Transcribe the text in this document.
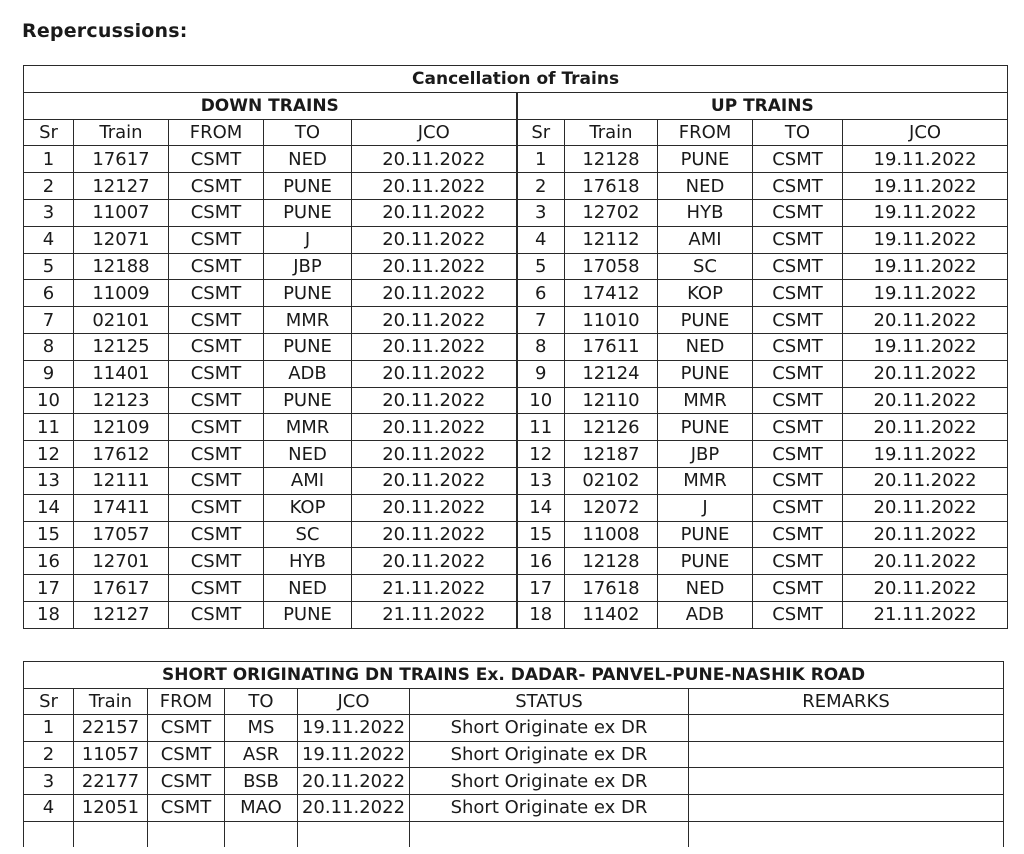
Repercussions:
Cancellation of Trains									
DOWN TRAINS					UP TRAINS				
Sr	Train	FROM	TO	JCO	Sr	Train	FROM	TO	JCO
1	17617	CSMT	NED	20.11.2022	1	12128	PUNE	CSMT	19.11.2022
2	12127	CSMT	PUNE	20.11.2022	2	17618	NED	CSMT	19.11.2022
3	11007	CSMT	PUNE	20.11.2022	3	12702	HYB	CSMT	19.11.2022
4	12071	CSMT	J	20.11.2022	4	12112	AMI	CSMT	19.11.2022
5	12188	CSMT	JBP	20.11.2022	5	17058	SC	CSMT	19.11.2022
6	11009	CSMT	PUNE	20.11.2022	6	17412	KOP	CSMT	19.11.2022
7	02101	CSMT	MMR	20.11.2022	7	11010	PUNE	CSMT	20.11.2022
8	12125	CSMT	PUNE	20.11.2022	8	17611	NED	CSMT	19.11.2022
9	11401	CSMT	ADB	20.11.2022	9	12124	PUNE	CSMT	20.11.2022
10	12123	CSMT	PUNE	20.11.2022	10	12110	MMR	CSMT	20.11.2022
11	12109	CSMT	MMR	20.11.2022	11	12126	PUNE	CSMT	20.11.2022
12	17612	CSMT	NED	20.11.2022	12	12187	JBP	CSMT	19.11.2022
13	12111	CSMT	AMI	20.11.2022	13	02102	MMR	CSMT	20.11.2022
14	17411	CSMT	KOP	20.11.2022	14	12072	J	CSMT	20.11.2022
15	17057	CSMT	SC	20.11.2022	15	11008	PUNE	CSMT	20.11.2022
16	12701	CSMT	HYB	20.11.2022	16	12128	PUNE	CSMT	20.11.2022
17	17617	CSMT	NED	21.11.2022	17	17618	NED	CSMT	20.11.2022
18	12127	CSMT	PUNE	21.11.2022	18	11402	ADB	CSMT	21.11.2022
SHORT ORIGINATING DN TRAINS Ex. DADAR- PANVEL-PUNE-NASHIK ROAD						
Sr	Train	FROM	TO	JCO	STATUS	REMARKS
1	22157	CSMT	MS	19.11.2022	Short Originate ex DR	
2	11057	CSMT	ASR	19.11.2022	Short Originate ex DR	
3	22177	CSMT	BSB	20.11.2022	Short Originate ex DR	
4	12051	CSMT	MAO	20.11.2022	Short Originate ex DR	
